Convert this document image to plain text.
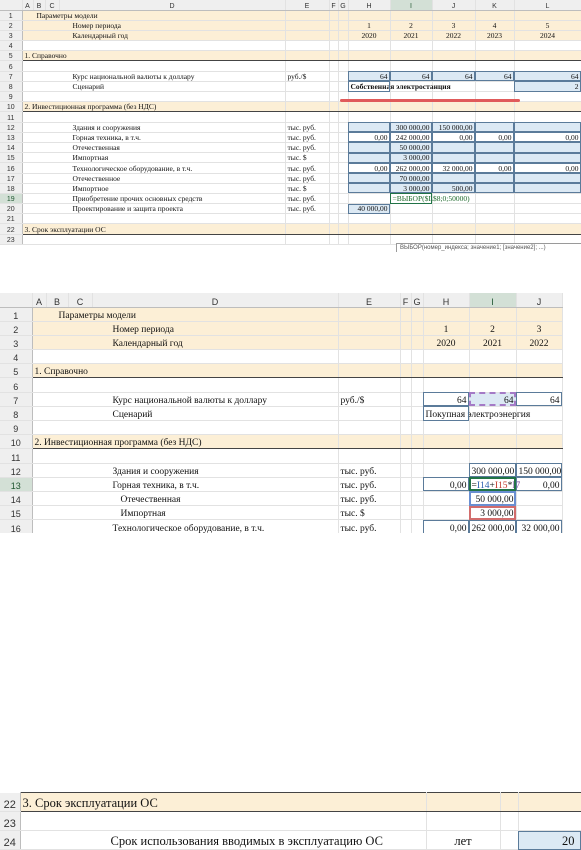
	A	B	C	D	E	F	G	H	I	J	K	L
1	Параметры модели											
2	Номер периода							1	2	3	4	5
3	Календарный год							2020	2021	2022	2023	2024
4												
5	1. Справочно											
6												
7	Курс национальной валюты к доллару				руб./$			64	64	64	64	64
8	Сценарий							Собственная электростанция				2
9												
10	2. Инвестиционная программа (без НДС)											
11												
12	Здания и сооружения				тыс. руб.				300 000,00	150 000,00		
13	Горная техника, в т.ч.				тыс. руб.			0,00	242 000,00	0,00	0,00	0,00
14	Отечественная				тыс. руб.				50 000,00			
15	Импортная				тыс. $				3 000,00			
16	Технологическое оборудование, в т.ч.				тыс. руб.			0,00	262 000,00	32 000,00	0,00	0,00
17	Отечественное				тыс. руб.				70 000,00			
18	Импортное				тыс. $				3 000,00	500,00		
19	Приобретение прочих основных средств				тыс. руб.				=ВЫБОР($L$8;0;50000)			
20	Проектирование и защита проекта				тыс. руб.			40 000,00				
21												
22	3. Срок эксплуатации ОС											
23												
ВЫБОР(номер_индекса; значение1; [значение2]; ...)
	A	B	C	D	E	F	G	H	I	J
1	Параметры модели									
2	Номер периода							1	2	3
3	Календарный год							2020	2021	2022
4										
5	1. Справочно									
6										
7	Курс национальной валюты к доллару				руб./$			64	64	64
8	Сценарий							Покупная электроэнергия		
9										
10	2. Инвестиционная программа (без НДС)									
11										
12	Здания и сооружения				тыс. руб.				300 000,00	150 000,00
13	Горная техника, в т.ч.				тыс. руб.			0,00	=I14+I15*I7	0,00
14	Отечественная				тыс. руб.				50 000,00	
15	Импортная				тыс. $				3 000,00	
16	Технологическое оборудование, в т.ч.				тыс. руб.			0,00	262 000,00	32 000,00
22	3. Срок эксплуатации ОС			
23				
24	Срок использования вводимых в эксплуатацию ОС	лет		20
